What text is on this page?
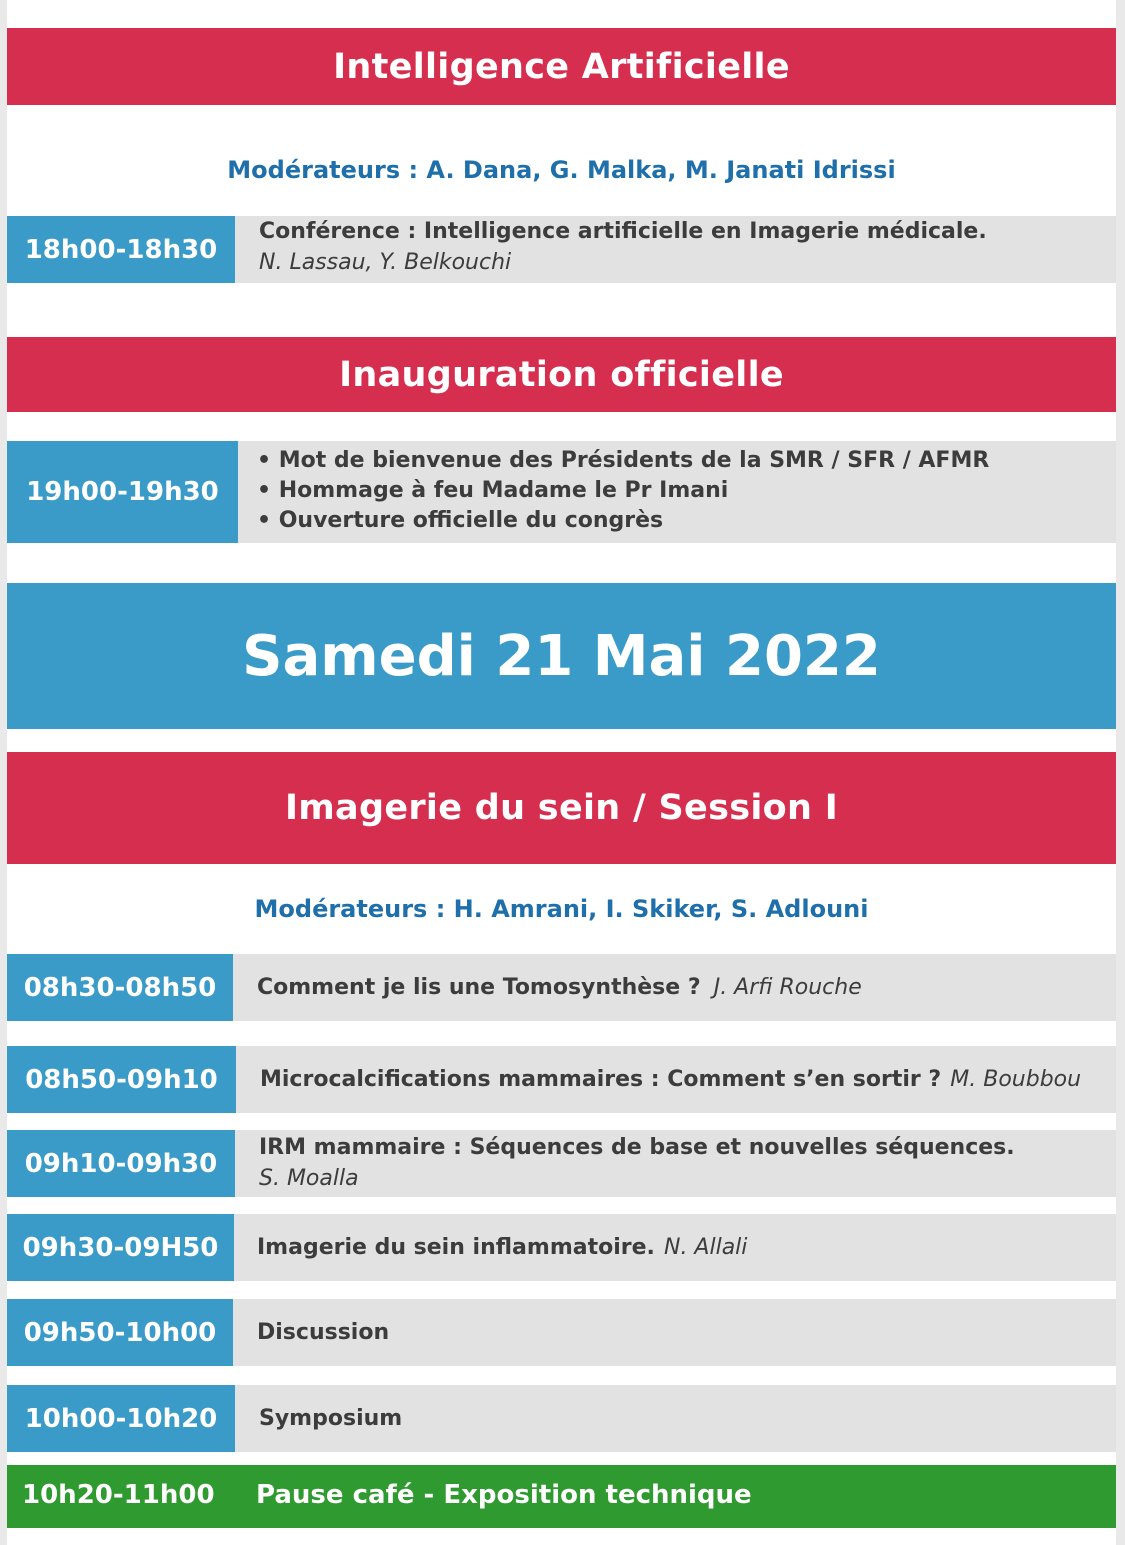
Intelligence Artificielle
Modérateurs : A. Dana, G. Malka, M. Janati Idrissi
18h00-18h30
Conférence : Intelligence artificielle en Imagerie médicale.
N. Lassau, Y. Belkouchi
Inauguration officielle
19h00-19h30
• Mot de bienvenue des Présidents de la SMR / SFR / AFMR
• Hommage à feu Madame le Pr Imani
• Ouverture officielle du congrès
Samedi 21 Mai 2022
Imagerie du sein / Session I
Modérateurs : H. Amrani, I. Skiker, S. Adlouni
08h30-08h50	Comment je lis une Tomosynthèse ? J. Arfi Rouche
08h50-09h10	Microcalcifications mammaires : Comment s’en sortir ? M. Boubbou
09h10-09h30
IRM mammaire : Séquences de base et nouvelles séquences.
S. Moalla
09h30-09H50	Imagerie du sein inflammatoire. N. Allali
09h50-10h00	Discussion
10h00-10h20	Symposium
10h20-11h00 Pause café - Exposition technique
